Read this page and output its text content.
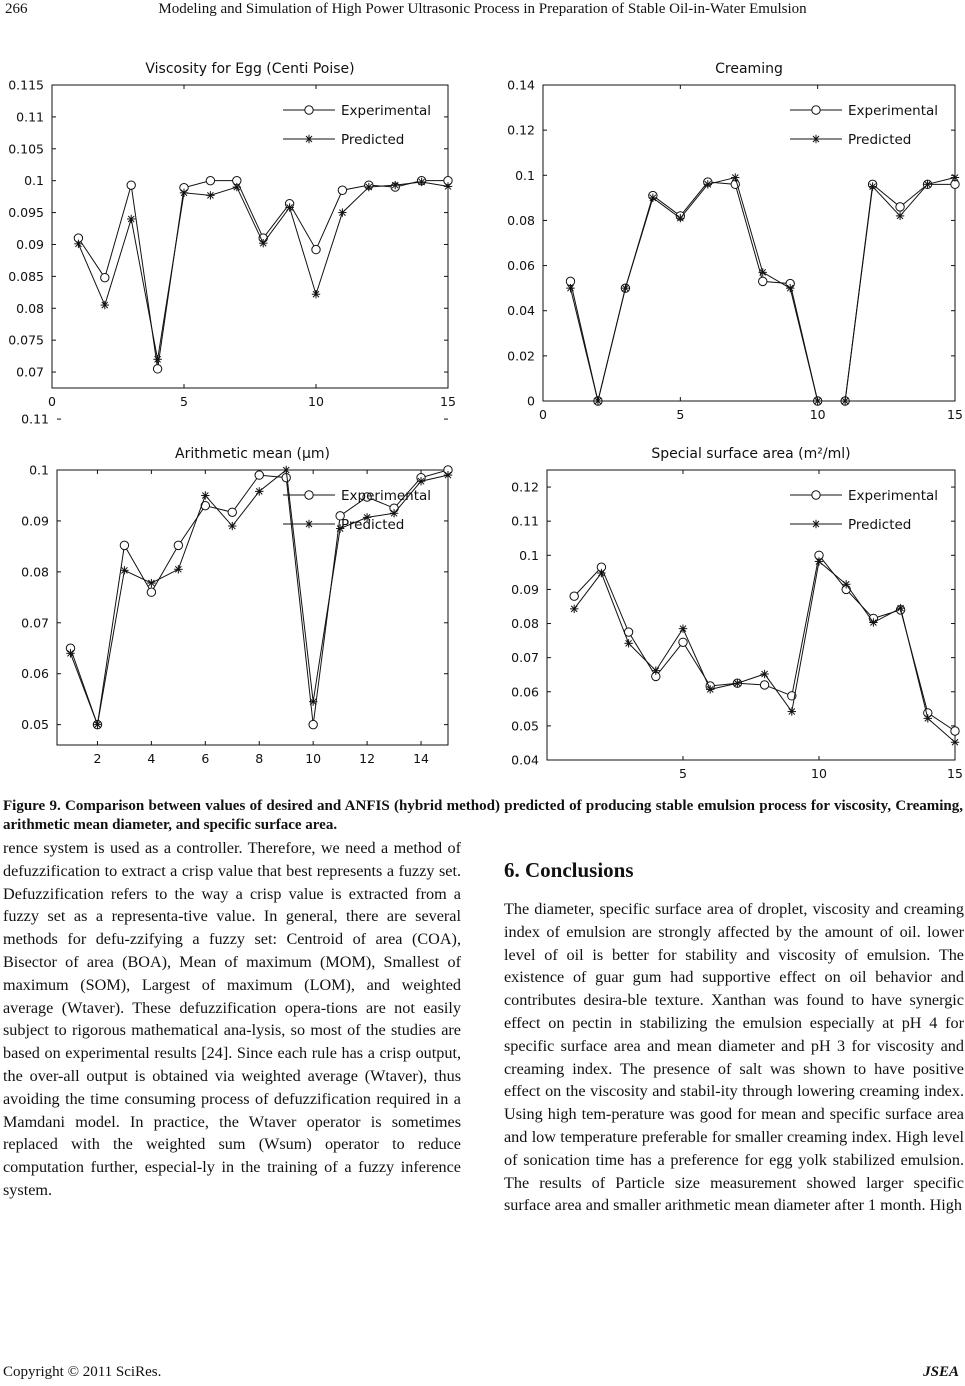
266	Modeling and Simulation of High Power Ultrasonic Process in Preparation of Stable Oil-in-Water Emulsion
Viscosity for Egg (Centi Poise)
0.07
0.075
0.08
0.085
0.09
0.095
0.1
0.105
0.11
0.115
0	5	10	15
Experimental
Predicted
Creaming
0
0.02
0.04
0.06
0.08
0.1
0.12
0.14
0	5	10	15
Experimental
Predicted
Arithmetic mean (μm)
0.05
0.06
0.07
0.08
0.09
0.1
0.11
2	4	6	8	10	12	14
Experimental
Predicted
Special surface area (m²/ml)
0.04
0.05
0.06
0.07
0.08
0.09
0.1
0.11
0.12
5	10	15
Experimental
Predicted
Figure 9. Comparison between values of desired and ANFIS (hybrid method) predicted of producing stable emulsion process for viscosity, Creaming, arithmetic mean diameter, and specific surface area.
rence system is used as a controller. Therefore, we need a method of defuzzification to extract a crisp value that best represents a fuzzy set. Defuzzification refers to the way a crisp value is extracted from a fuzzy set as a representa-tive value. In general, there are several methods for defu-zzifying a fuzzy set: Centroid of area (COA), Bisector of area (BOA), Mean of maximum (MOM), Smallest of maximum (SOM), Largest of maximum (LOM), and weighted average (Wtaver). These defuzzification opera-tions are not easily subject to rigorous mathematical ana-lysis, so most of the studies are based on experimental results [24]. Since each rule has a crisp output, the over-all output is obtained via weighted average (Wtaver), thus avoiding the time consuming process of defuzzification required in a Mamdani model. In practice, the Wtaver operator is sometimes replaced with the weighted sum (Wsum) operator to reduce computation further, especial-ly in the training of a fuzzy inference system.
6. Conclusions
The diameter, specific surface area of droplet, viscosity and creaming index of emulsion are strongly affected by the amount of oil. lower level of oil is better for stability and viscosity of emulsion. The existence of guar gum had supportive effect on oil behavior and contributes desira-ble texture. Xanthan was found to have synergic effect on pectin in stabilizing the emulsion especially at pH 4 for specific surface area and mean diameter and pH 3 for viscosity and creaming index. The presence of salt was shown to have positive effect on the viscosity and stabil-ity through lowering creaming index. Using high tem-perature was good for mean and specific surface area and low temperature preferable for smaller creaming index. High level of sonication time has a preference for egg yolk stabilized emulsion. The results of Particle size measurement showed larger specific surface area and smaller arithmetic mean diameter after 1 month. High
Copyright © 2011 SciRes.	JSEA
